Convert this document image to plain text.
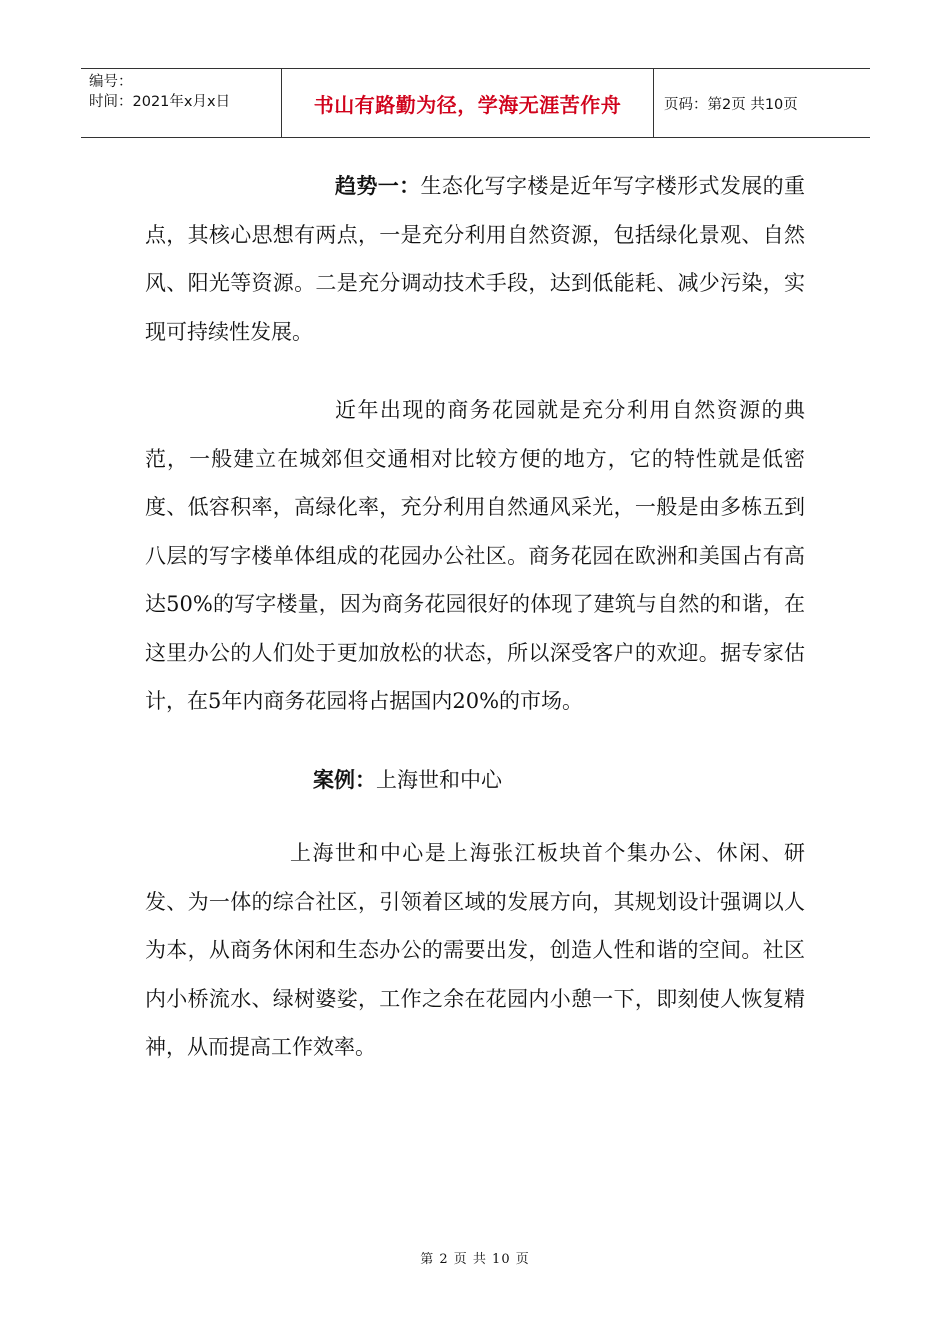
编号：
时间：2021年x月x日	书山有路勤为径，学海无涯苦作舟	页码：第2页 共10页

趋势一：生态化写字楼是近年写字楼形式发展的重点，其核心思想有两点，一是充分利用自然资源，包括绿化景观、自然风、阳光等资源。二是充分调动技术手段，达到低能耗、减少污染，实现可持续性发展。

近年出现的商务花园就是充分利用自然资源的典范，一般建立在城郊但交通相对比较方便的地方，它的特性就是低密度、低容积率，高绿化率，充分利用自然通风采光，一般是由多栋五到八层的写字楼单体组成的花园办公社区。商务花园在欧洲和美国占有高达50%的写字楼量，因为商务花园很好的体现了建筑与自然的和谐，在这里办公的人们处于更加放松的状态，所以深受客户的欢迎。据专家估计，在5年内商务花园将占据国内20%的市场。

案例：上海世和中心

上海世和中心是上海张江板块首个集办公、休闲、研发、为一体的综合社区，引领着区域的发展方向，其规划设计强调以人为本，从商务休闲和生态办公的需要出发，创造人性和谐的空间。社区内小桥流水、绿树婆娑，工作之余在花园内小憩一下，即刻使人恢复精神，从而提高工作效率。

第 2 页 共 10 页
